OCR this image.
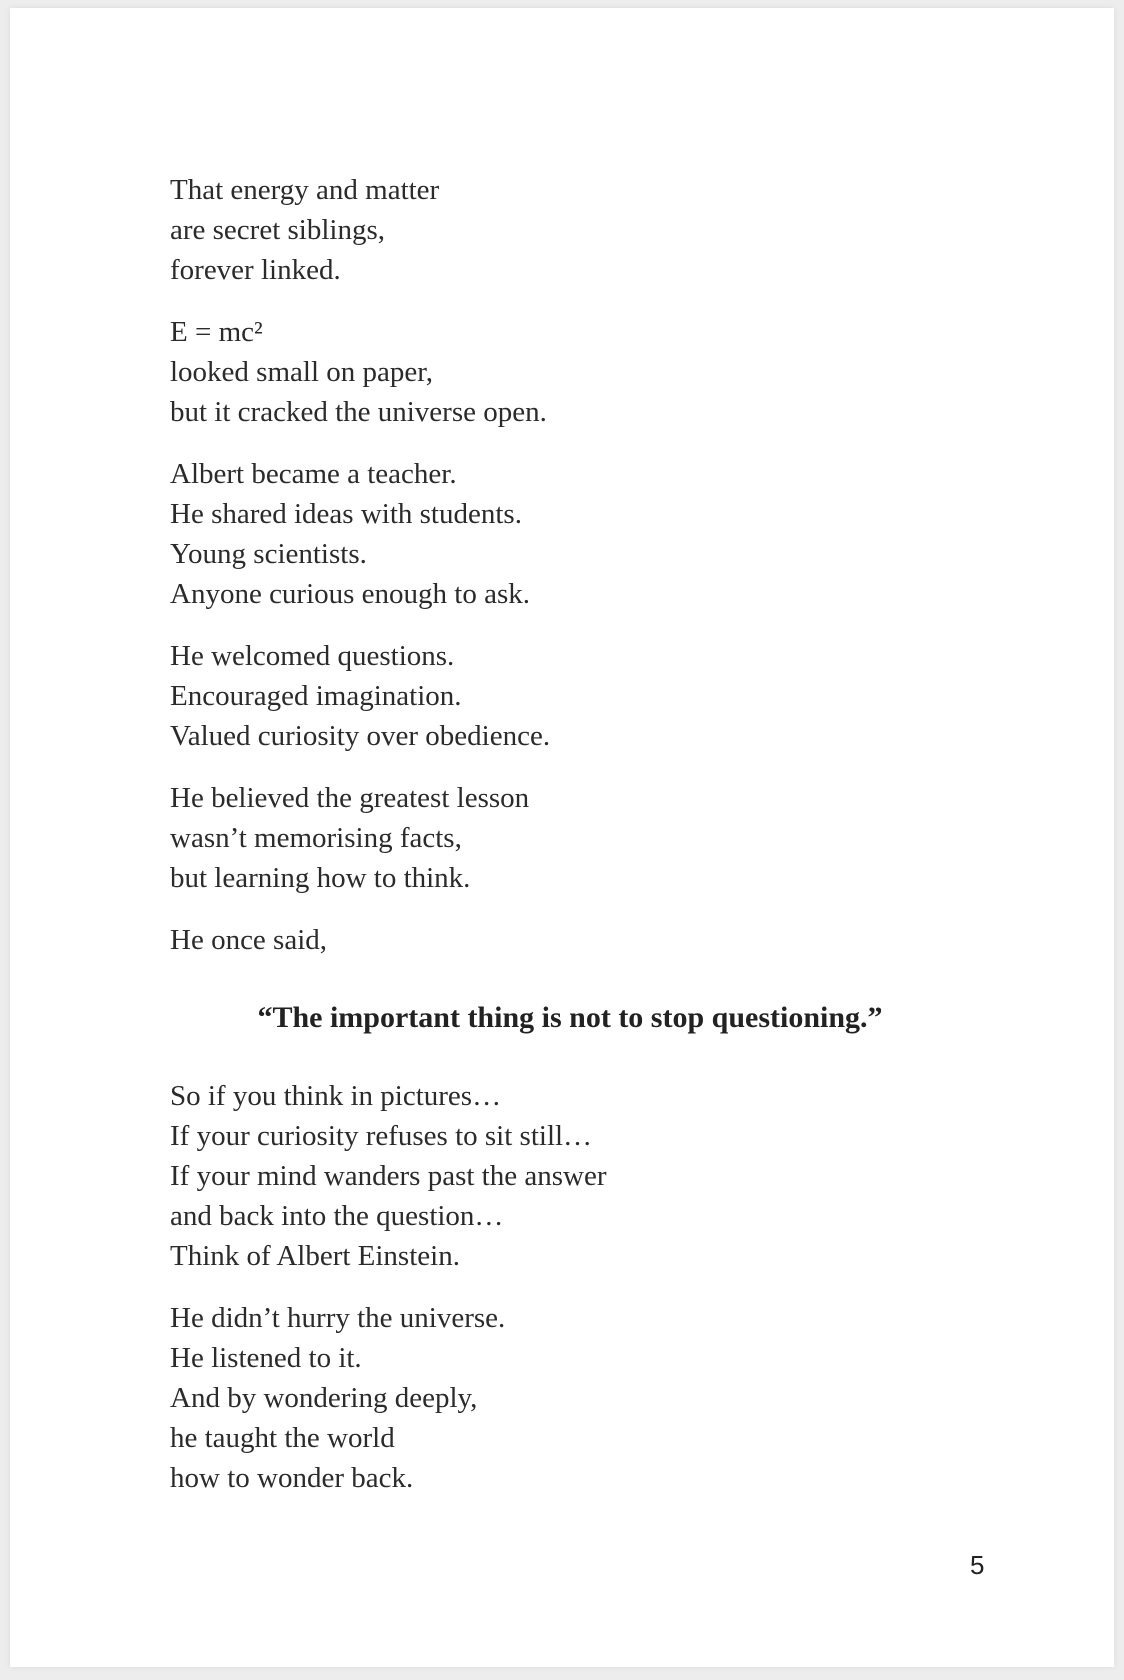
That energy and matter
are secret siblings,
forever linked.
E = mc²
looked small on paper,
but it cracked the universe open.
Albert became a teacher.
He shared ideas with students.
Young scientists.
Anyone curious enough to ask.
He welcomed questions.
Encouraged imagination.
Valued curiosity over obedience.
He believed the greatest lesson
wasn’t memorising facts,
but learning how to think.
He once said,
“The important thing is not to stop questioning.”
So if you think in pictures…
If your curiosity refuses to sit still…
If your mind wanders past the answer
and back into the question…
Think of Albert Einstein.
He didn’t hurry the universe.
He listened to it.
And by wondering deeply,
he taught the world
how to wonder back.
5
